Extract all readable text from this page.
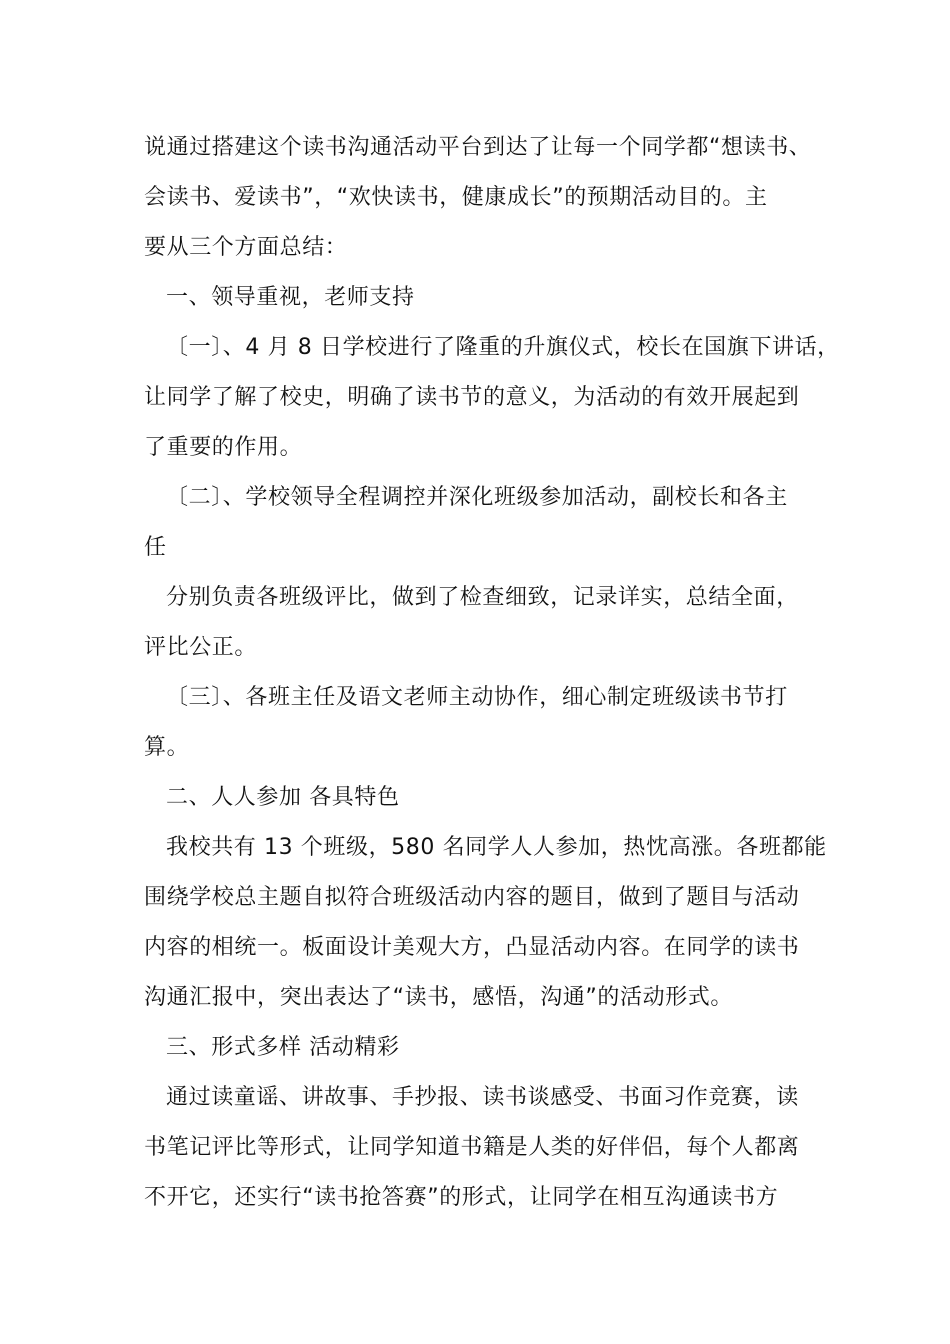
说通过搭建这个读书沟通活动平台到达了让每一个同学都“想读书、
会读书、爱读书”，“欢快读书，健康成长”的预期活动目的。主
要从三个方面总结：
一、领导重视，老师支持
〔一〕、4 月 8 日学校进行了隆重的升旗仪式，校长在国旗下讲话，
让同学了解了校史，明确了读书节的意义，为活动的有效开展起到
了重要的作用。
〔二〕、学校领导全程调控并深化班级参加活动，副校长和各主
任
分别负责各班级评比，做到了检查细致，记录详实，总结全面，
评比公正。
〔三〕、各班主任及语文老师主动协作，细心制定班级读书节打
算。
二、人人参加 各具特色
我校共有 13 个班级，580 名同学人人参加，热忱高涨。各班都能
围绕学校总主题自拟符合班级活动内容的题目，做到了题目与活动
内容的相统一。板面设计美观大方，凸显活动内容。在同学的读书
沟通汇报中，突出表达了“读书，感悟，沟通”的活动形式。
三、形式多样 活动精彩
通过读童谣、讲故事、手抄报、读书谈感受、书面习作竞赛，读
书笔记评比等形式，让同学知道书籍是人类的好伴侣，每个人都离
不开它，还实行“读书抢答赛”的形式，让同学在相互沟通读书方
